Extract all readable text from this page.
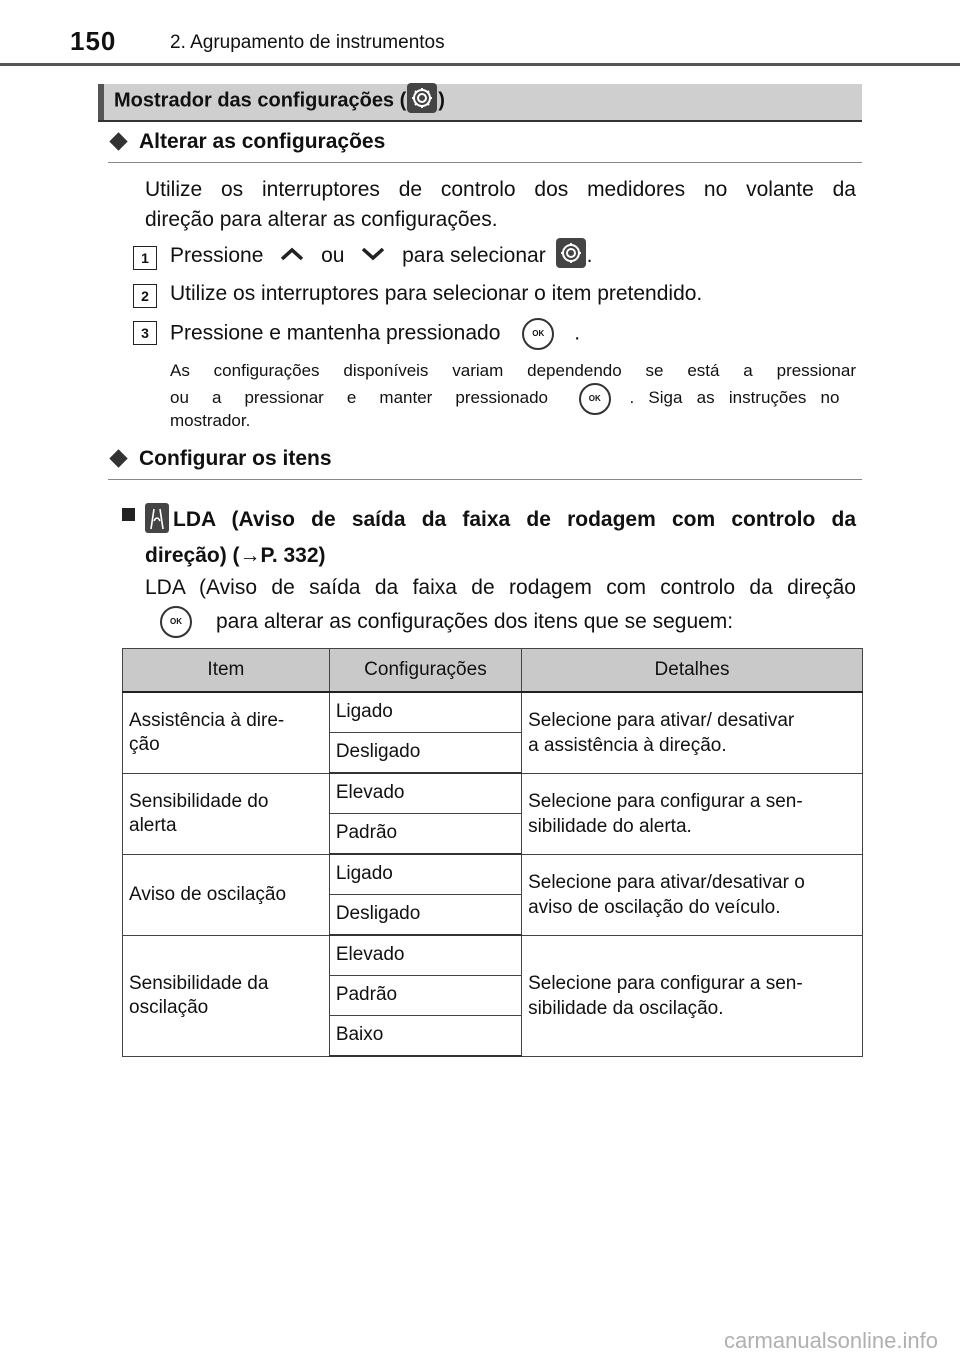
150	2. Agrupamento de instrumentos
Mostrador das configurações ( )
Alterar as configurações
Utilize os interruptores de controlo dos medidores no volante da
direção para alterar as configurações.
1	Pressione	ou	para selecionar .
2	Utilize os interruptores para selecionar o item pretendido.
3	Pressione e mantenha pressionado	OK .
As configurações disponíveis variam dependendo se está a pressionar
ou a pressionar e manter pressionado	OK . Siga as instruções no
mostrador.
Configurar os itens
LDA (Aviso de saída da faixa de rodagem com controlo da
direção) (→P. 332)
LDA (Aviso de saída da faixa de rodagem com controlo da direção
OK para alterar as configurações dos itens que se seguem:
Item	Configurações	Detalhes
Assistência à dire-
ção	Ligado	Selecione para ativar/ desativar
a assistência à direção.
	Desligado	
Sensibilidade do
alerta	Elevado	Selecione para configurar a sen-
sibilidade do alerta.
	Padrão	
Aviso de oscilação	Ligado	Selecione para ativar/desativar o
aviso de oscilação do veículo.
	Desligado	
Sensibilidade da
oscilação	Elevado	Selecione para configurar a sen-
sibilidade da oscilação.
	Padrão	
	Baixo	
carmanualsonline.info
